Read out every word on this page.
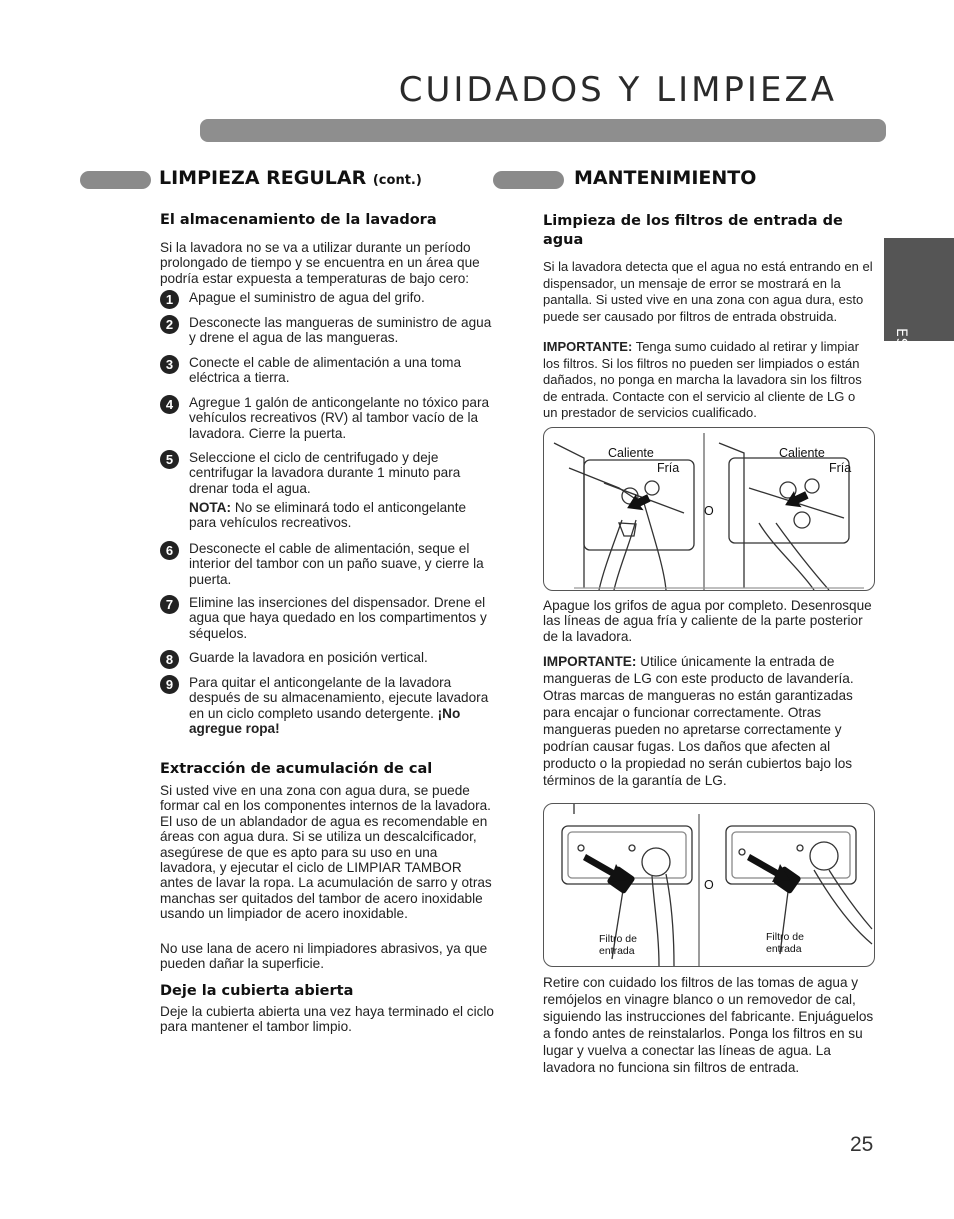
CUIDADOS Y LIMPIEZA
ESPAÑOL
LIMPIEZA REGULAR (cont.)
El almacenamiento de la lavadora
Si la lavadora no se va a utilizar durante un período prolongado de tiempo y se encuentra en un área que podría estar expuesta a temperaturas de bajo cero:
1	Apague el suministro de agua del grifo.
2	Desconecte las mangueras de suministro de agua y drene el agua de las mangueras.
3	Conecte el cable de alimentación a una toma eléctrica a tierra.
4	Agregue 1 galón de anticongelante no tóxico para vehículos recreativos (RV) al tambor vacío de la lavadora. Cierre la puerta.
5	Seleccione el ciclo de centrifugado y deje centrifugar la lavadora durante 1 minuto para drenar toda el agua.
NOTA: No se eliminará todo el anticongelante para vehículos recreativos.
6	Desconecte el cable de alimentación, seque el interior del tambor con un paño suave, y cierre la puerta.
7	Elimine las inserciones del dispensador. Drene el agua que haya quedado en los compartimentos y séquelos.
8	Guarde la lavadora en posición vertical.
9	Para quitar el anticongelante de la lavadora después de su almacenamiento, ejecute lavadora en un ciclo completo usando detergente. ¡No agregue ropa!
Extracción de acumulación de cal
Si usted vive en una zona con agua dura, se puede formar cal en los componentes internos de la lavadora. El uso de un ablandador de agua es recomendable en áreas con agua dura. Si se utiliza un descalcificador, asegúrese de que es apto para su uso en una lavadora, y ejecutar el ciclo de LIMPIAR TAMBOR antes de lavar la ropa. La acumulación de sarro y otras manchas ser quitados del tambor de acero inoxidable usando un limpiador de acero inoxidable.
No use lana de acero ni limpiadores abrasivos, ya que pueden dañar la superficie.
Deje la cubierta abierta
Deje la cubierta abierta una vez haya terminado el ciclo para mantener el tambor limpio.
MANTENIMIENTO
Limpieza de los filtros de entrada de agua
Si la lavadora detecta que el agua no está entrando en el dispensador, un mensaje de error se mostrará en la pantalla. Si usted vive en una zona con agua dura, esto puede ser causado por filtros de entrada obstruida.
IMPORTANTE: Tenga sumo cuidado al retirar y limpiar los filtros. Si los filtros no pueden ser limpiados o están dañados, no ponga en marcha la lavadora sin los filtros de entrada. Contacte con el servicio al cliente de LG o un prestador de servicios cualificado.
Caliente
Fría
Caliente
Fría
O
Apague los grifos de agua por completo. Desenrosque las líneas de agua fría y caliente de la parte posterior de la lavadora.
IMPORTANTE: Utilice únicamente la entrada de mangueras de LG con este producto de lavandería. Otras marcas de mangueras no están garantizadas para encajar o funcionar correctamente. Otras mangueras pueden no apretarse correctamente y podrían causar fugas. Los daños que afecten al producto o la propiedad no serán cubiertos bajo los términos de la garantía de LG.
O
Filtro de entrada
Filtro de entrada
Retire con cuidado los filtros de las tomas de agua y remójelos en vinagre blanco o un removedor de cal, siguiendo las instrucciones del fabricante. Enjuáguelos a fondo antes de reinstalarlos. Ponga los filtros en su lugar y vuelva a conectar las líneas de agua. La lavadora no funciona sin filtros de entrada.
25
